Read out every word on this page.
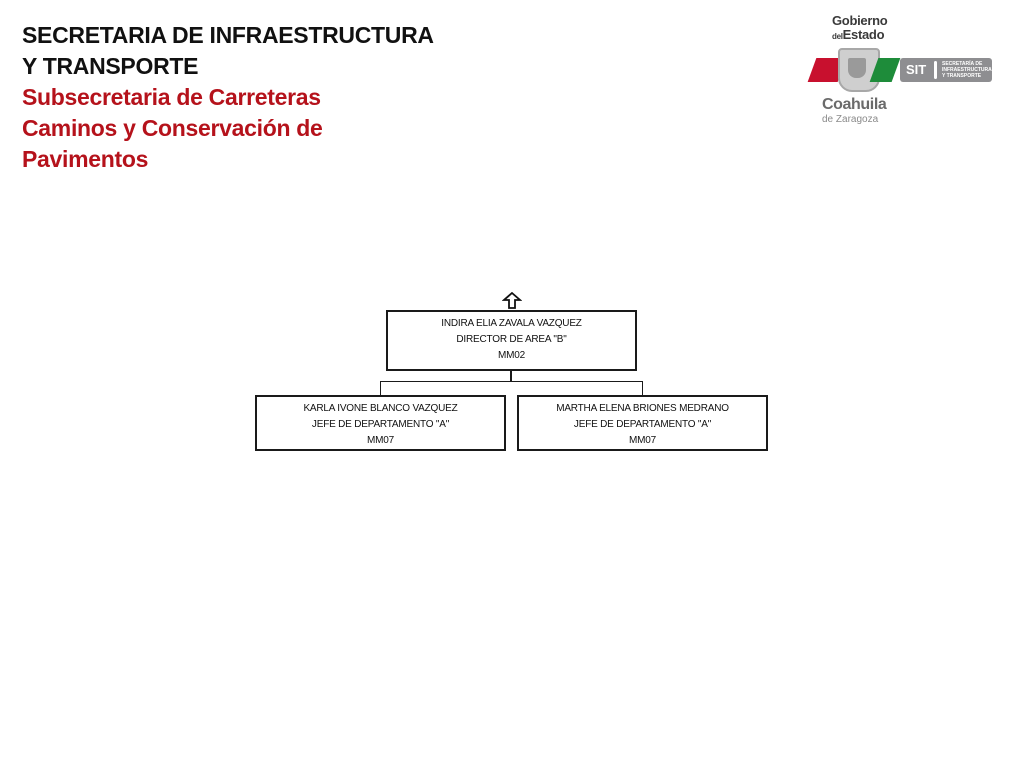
SECRETARIA DE INFRAESTRUCTURA
Y TRANSPORTE
Subsecretaria de Carreteras
Caminos y Conservación de
Pavimentos
Gobierno
delEstado
SIT	SECRETARÍA DE
INFRAESTRUCTURA
Y TRANSPORTE
Coahuila
de Zaragoza
INDIRA ELIA ZAVALA VAZQUEZ
DIRECTOR DE AREA "B"
MM02
KARLA IVONE BLANCO VAZQUEZ
JEFE DE DEPARTAMENTO "A"
MM07
MARTHA ELENA BRIONES MEDRANO
JEFE DE DEPARTAMENTO "A"
MM07
